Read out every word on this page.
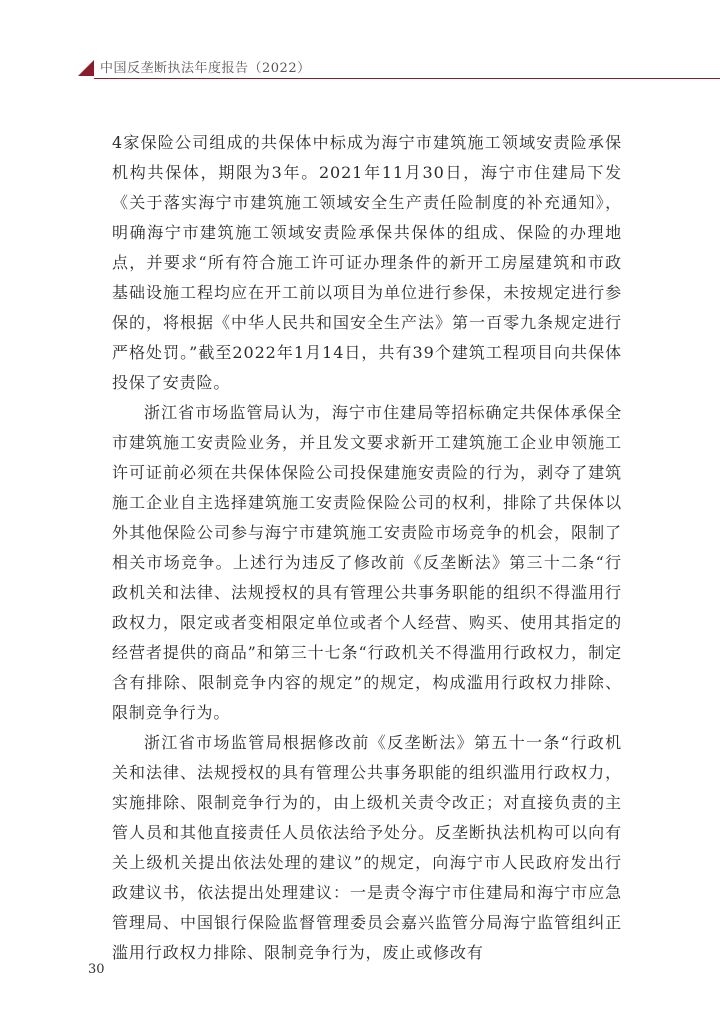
中国反垄断执法年度报告（2022）

4家保险公司组成的共保体中标成为海宁市建筑施工领域安责险承保机构共保体，期限为3年。2021年11月30日，海宁市住建局下发《关于落实海宁市建筑施工领域安全生产责任险制度的补充通知》，明确海宁市建筑施工领域安责险承保共保体的组成、保险的办理地点，并要求“所有符合施工许可证办理条件的新开工房屋建筑和市政基础设施工程均应在开工前以项目为单位进行参保，未按规定进行参保的，将根据《中华人民共和国安全生产法》第一百零九条规定进行严格处罚。”截至2022年1月14日，共有39个建筑工程项目向共保体投保了安责险。

浙江省市场监管局认为，海宁市住建局等招标确定共保体承保全市建筑施工安责险业务，并且发文要求新开工建筑施工企业申领施工许可证前必须在共保体保险公司投保建施安责险的行为，剥夺了建筑施工企业自主选择建筑施工安责险保险公司的权利，排除了共保体以外其他保险公司参与海宁市建筑施工安责险市场竞争的机会，限制了相关市场竞争。上述行为违反了修改前《反垄断法》第三十二条“行政机关和法律、法规授权的具有管理公共事务职能的组织不得滥用行政权力，限定或者变相限定单位或者个人经营、购买、使用其指定的经营者提供的商品”和第三十七条“行政机关不得滥用行政权力，制定含有排除、限制竞争内容的规定”的规定，构成滥用行政权力排除、限制竞争行为。

浙江省市场监管局根据修改前《反垄断法》第五十一条“行政机关和法律、法规授权的具有管理公共事务职能的组织滥用行政权力，实施排除、限制竞争行为的，由上级机关责令改正；对直接负责的主管人员和其他直接责任人员依法给予处分。反垄断执法机构可以向有关上级机关提出依法处理的建议”的规定，向海宁市人民政府发出行政建议书，依法提出处理建议：一是责令海宁市住建局和海宁市应急管理局、中国银行保险监督管理委员会嘉兴监管分局海宁监管组纠正滥用行政权力排除、限制竞争行为，废止或修改有

30
